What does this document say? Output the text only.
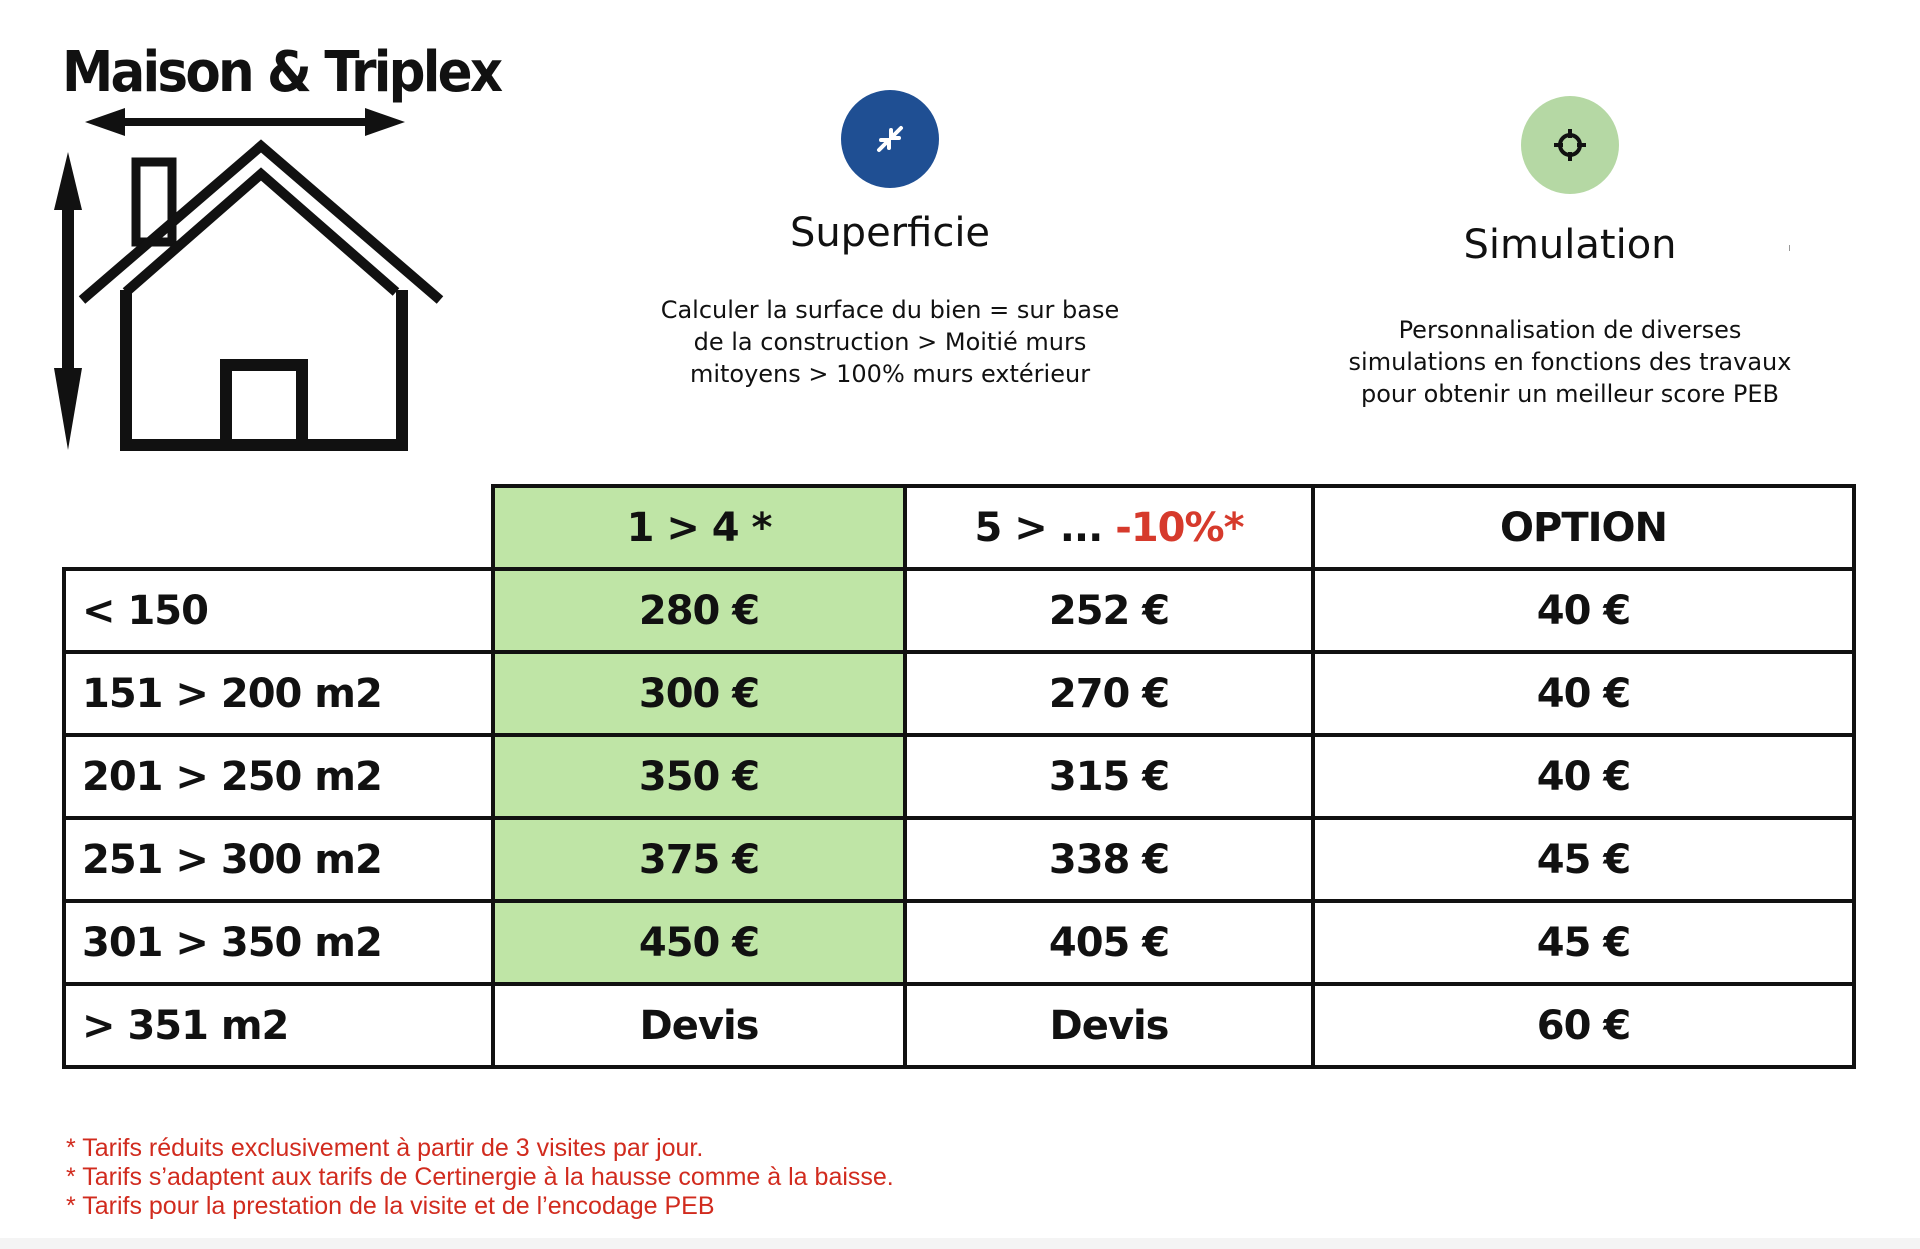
Maison & Triplex
Superficie
Calculer la surface du bien = sur base
de la construction > Moitié murs
mitoyens > 100% murs extérieur
Simulation
Personnalisation de diverses
simulations en fonctions des travaux
pour obtenir un meilleur score PEB
	1 > 4 *	5 > ... -10%*	OPTION
< 150	280 €	252 €	40 €
151 > 200 m2	300 €	270 €	40 €
201 > 250 m2	350 €	315 €	40 €
251 > 300 m2	375 €	338 €	45 €
301 > 350 m2	450 €	405 €	45 €
> 351 m2	Devis	Devis	60 €
* Tarifs réduits exclusivement à partir de 3 visites par jour.
* Tarifs s’adaptent aux tarifs de Certinergie à la hausse comme à la baisse.
* Tarifs pour la prestation de la visite et de l’encodage PEB
